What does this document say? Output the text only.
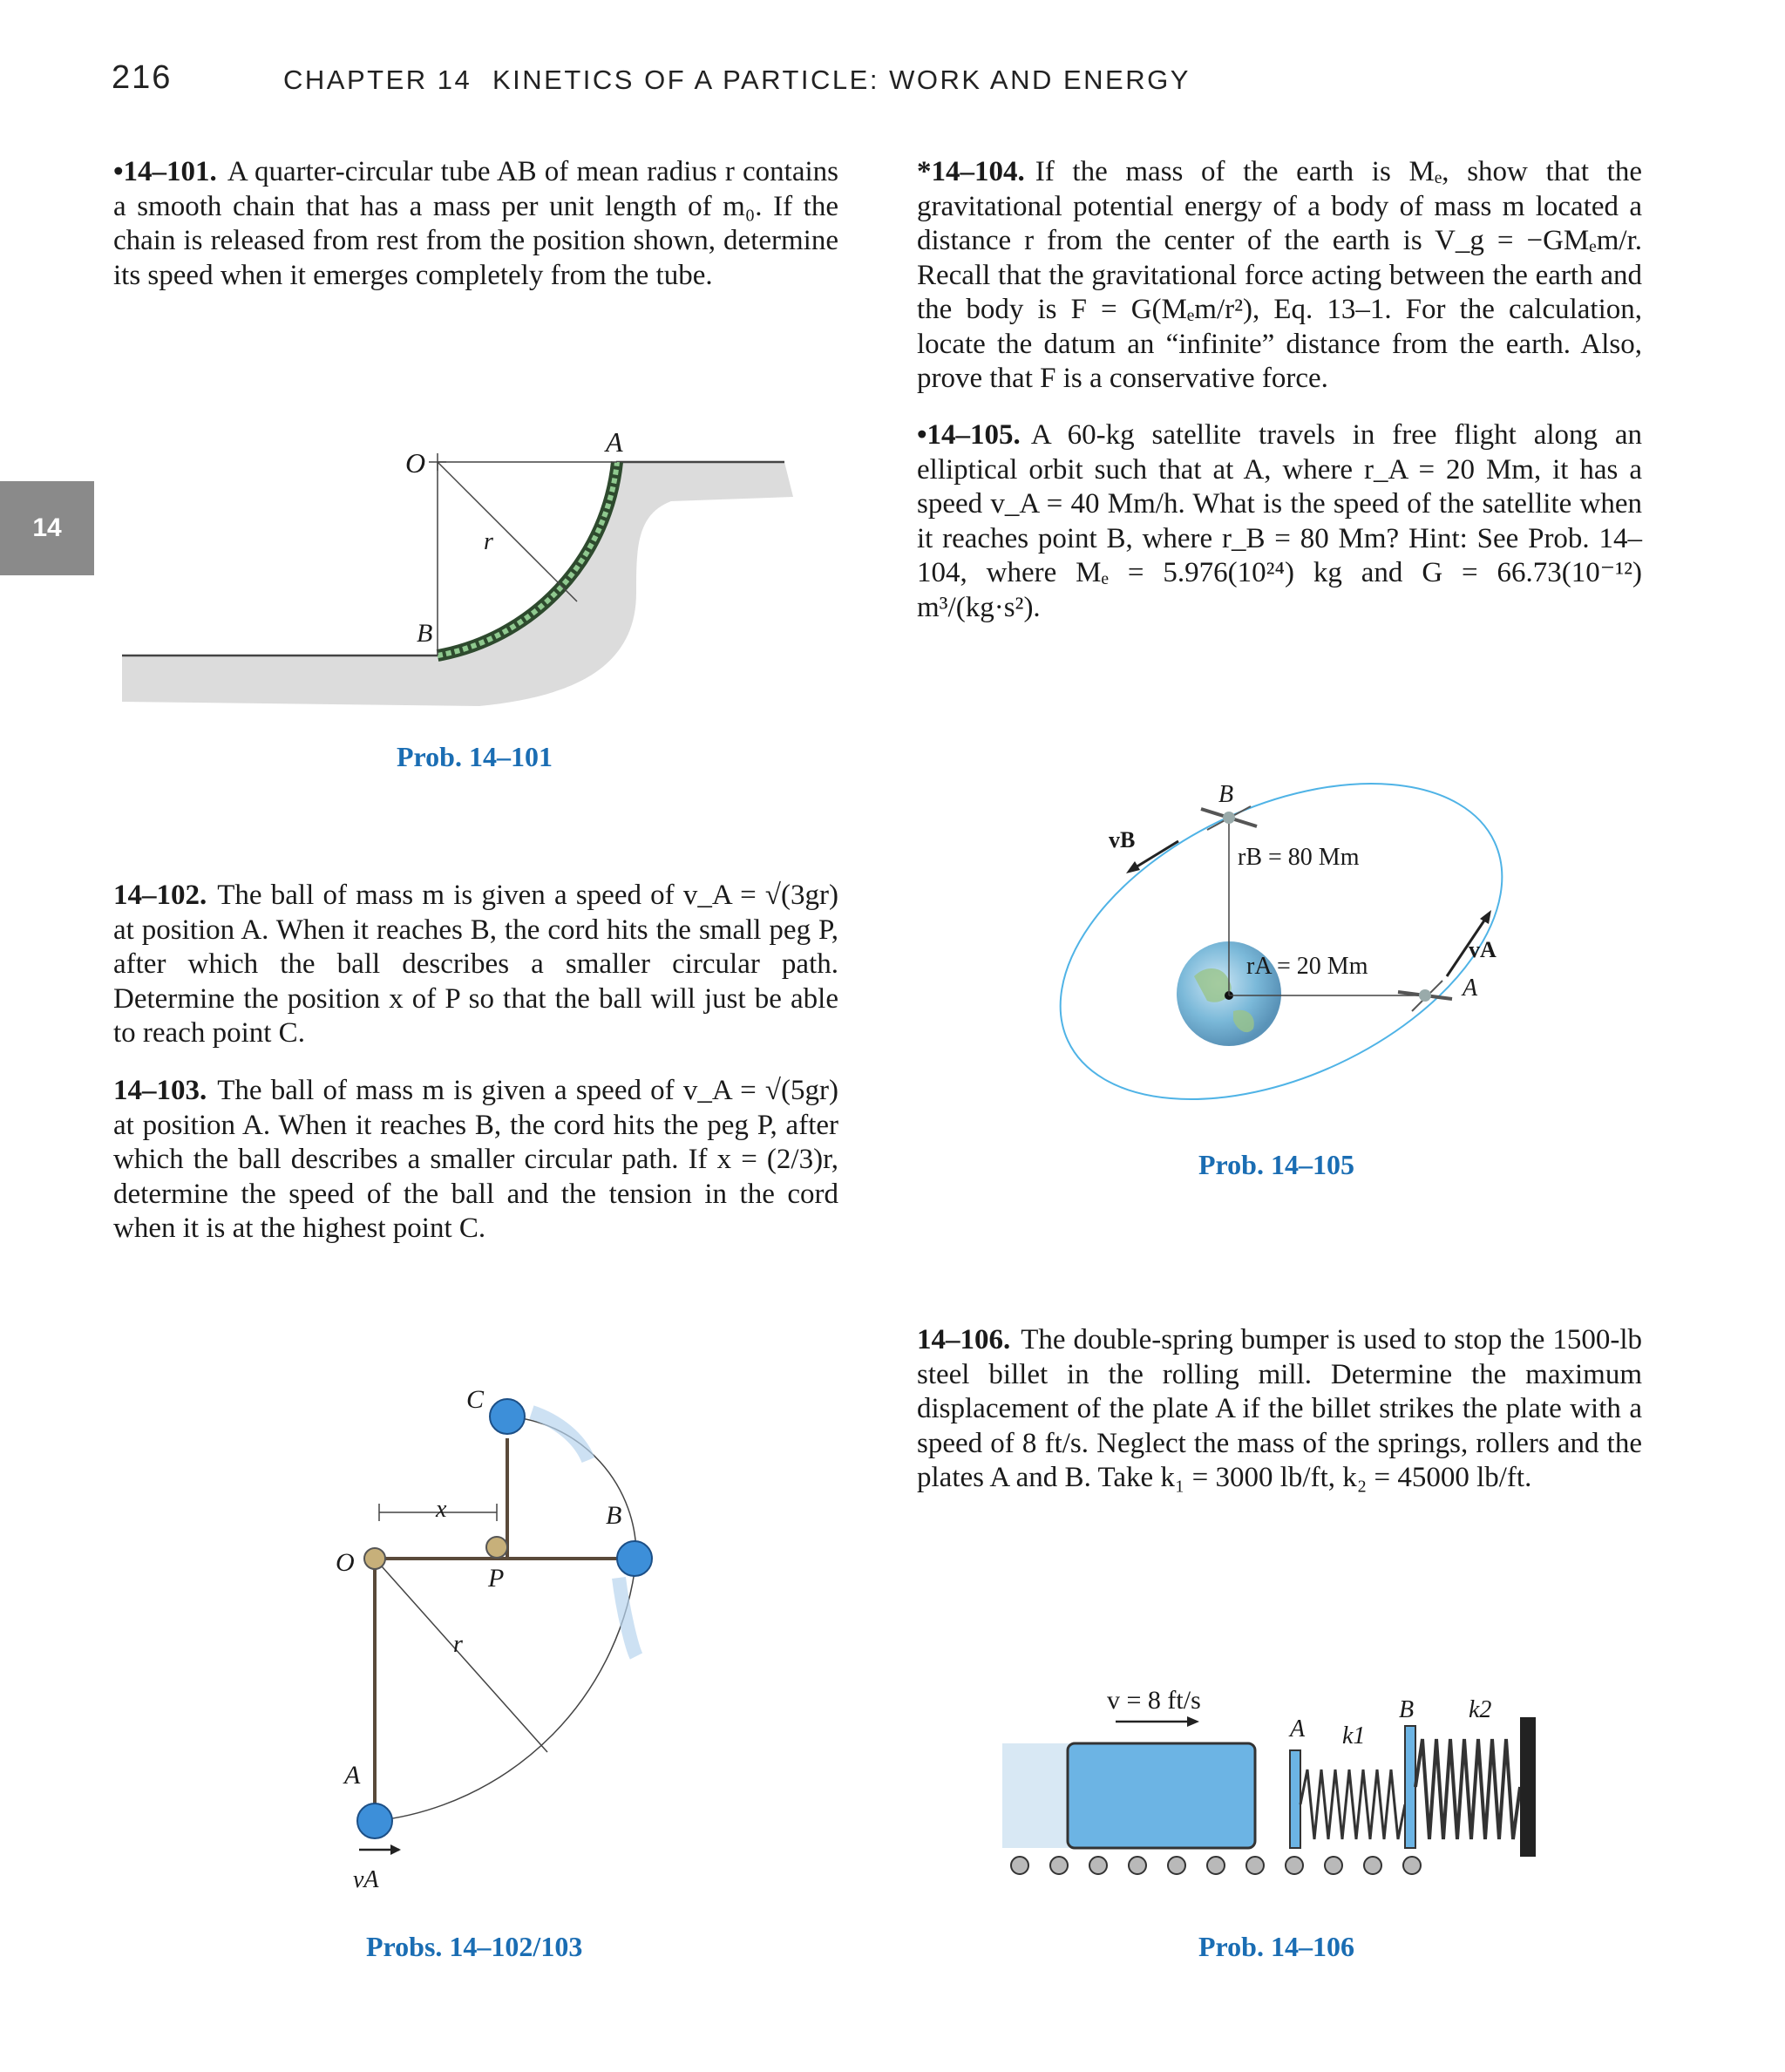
216	CHAPTER 14 KINETICS OF A PARTICLE: WORK AND ENERGY
14

•14–101. A quarter-circular tube AB of mean radius r contains a smooth chain that has a mass per unit length of m₀. If the chain is released from rest from the position shown, determine its speed when it emerges completely from the tube.

14–102. The ball of mass m is given a speed of v_A = √(3gr) at position A. When it reaches B, the cord hits the small peg P, after which the ball describes a smaller circular path. Determine the position x of P so that the ball will just be able to reach point C.

14–103. The ball of mass m is given a speed of v_A = √(5gr) at position A. When it reaches B, the cord hits the peg P, after which the ball describes a smaller circular path. If x = (2/3)r, determine the speed of the ball and the tension in the cord when it is at the highest point C.

*14–104. If the mass of the earth is Mₑ, show that the gravitational potential energy of a body of mass m located a distance r from the center of the earth is V_g = −GMₑm/r. Recall that the gravitational force acting between the earth and the body is F = G(Mₑm/r²), Eq. 13–1. For the calculation, locate the datum an “infinite” distance from the earth. Also, prove that F is a conservative force.

•14–105. A 60-kg satellite travels in free flight along an elliptical orbit such that at A, where r_A = 20 Mm, it has a speed v_A = 40 Mm/h. What is the speed of the satellite when it reaches point B, where r_B = 80 Mm? Hint: See Prob. 14–104, where Mₑ = 5.976(10²⁴) kg and G = 66.73(10⁻¹²) m³/(kg·s²).

14–106. The double-spring bumper is used to stop the 1500-lb steel billet in the rolling mill. Determine the maximum displacement of the plate A if the billet strikes the plate with a speed of 8 ft/s. Neglect the mass of the springs, rollers and the plates A and B. Take k₁ = 3000 lb/ft, k₂ = 45000 lb/ft.

O
A
r
B
Prob. 14–101
C
x	B
O
P
r
A
vA
Probs. 14–102/103
B
vB
rB = 80 Mm
rA = 20 Mm
vA
A
Prob. 14–105
v = 8 ft/s
A k1
B k2
Prob. 14–106
